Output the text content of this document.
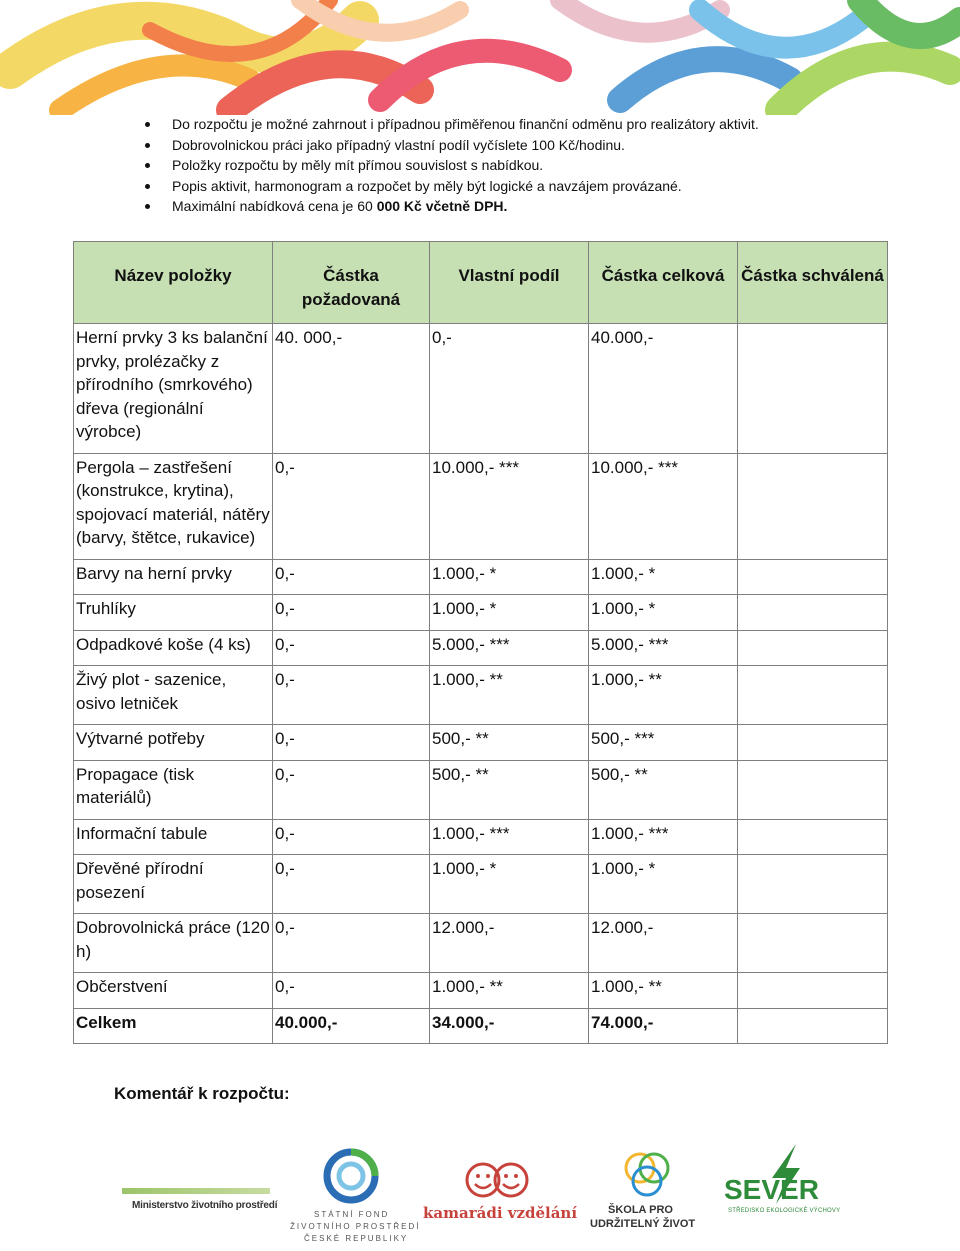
Do rozpočtu je možné zahrnout i případnou přiměřenou finanční odměnu pro realizátory aktivit.
Dobrovolnickou práci jako případný vlastní podíl vyčíslete 100 Kč/hodinu.
Položky rozpočtu by měly mít přímou souvislost s nabídkou.
Popis aktivit, harmonogram a rozpočet by měly být logické a navzájem provázané.
Maximální nabídková cena je 60 000 Kč včetně DPH.
Název položky	Částka požadovaná	Vlastní podíl	Částka celková	Částka schválená
Herní prvky 3 ks balanční prvky, prolézačky z přírodního (smrkového) dřeva (regionální výrobce)	40. 000,-	0,-	40.000,-	
Pergola – zastřešení (konstrukce, krytina), spojovací materiál, nátěry (barvy, štětce, rukavice)	0,-	10.000,- ***	10.000,- ***	
Barvy na herní prvky	0,-	1.000,- *	1.000,- *	
Truhlíky	0,-	1.000,- *	1.000,- *	
Odpadkové koše (4 ks)	0,-	5.000,- ***	5.000,- ***	
Živý plot - sazenice, osivo letniček	0,-	1.000,- **	1.000,- **	
Výtvarné potřeby	0,-	500,- **	500,- ***	
Propagace (tisk materiálů)	0,-	500,- **	500,- **	
Informační tabule	0,-	1.000,- ***	1.000,- ***	
Dřevěné přírodní posezení	0,-	1.000,- *	1.000,- *	
Dobrovolnická práce (120 h)	0,-	12.000,-	12.000,-	
Občerstvení	0,-	1.000,- **	1.000,- **	
Celkem	40.000,-	34.000,-	74.000,-	
Komentář k rozpočtu:
Ministerstvo životního prostředí
STÁTNÍ FOND
ŽIVOTNÍHO PROSTŘEDÍ
ČESKÉ REPUBLIKY
kamarádi vzdělání	ŠKOLA PRO
UDRŽITELNÝ ŽIVOT
SEVER
STŘEDISKO EKOLOGICKÉ VÝCHOVY
